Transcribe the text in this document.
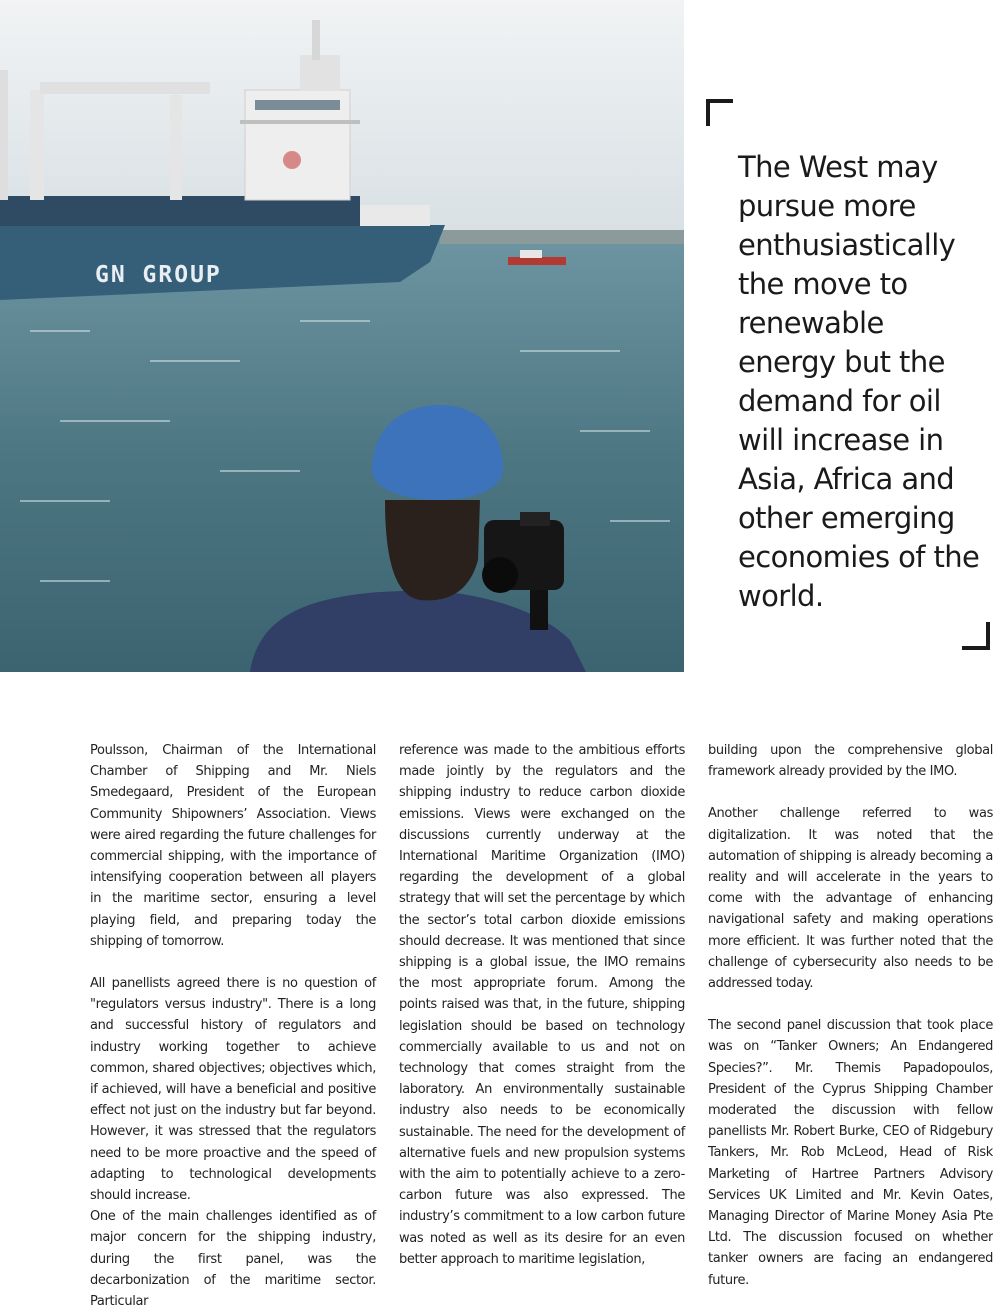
GN GROUP

The West may pursue more enthusiastically the move to renewable energy but the demand for oil will increase in Asia, Africa and other emerging economies of the world.

Poulsson, Chairman of the International Chamber of Shipping and Mr. Niels Smedegaard, President of the European Community Shipowners’ Association. Views were aired regarding the future challenges for commercial shipping, with the importance of intensifying cooperation between all players in the maritime sector, ensuring a level playing field, and preparing today the shipping of tomorrow.

All panellists agreed there is no question of "regulators versus industry". There is a long and successful history of regulators and industry working together to achieve common, shared objectives; objectives which, if achieved, will have a beneficial and positive effect not just on the industry but far beyond. However, it was stressed that the regulators need to be more proactive and the speed of adapting to technological developments should increase.

One of the main challenges identified as of major concern for the shipping industry, during the first panel, was the decarbonization of the maritime sector. Particular

reference was made to the ambitious efforts made jointly by the regulators and the shipping industry to reduce carbon dioxide emissions. Views were exchanged on the discussions currently underway at the International Maritime Organization (IMO) regarding the development of a global strategy that will set the percentage by which the sector’s total carbon dioxide emissions should decrease. It was mentioned that since shipping is a global issue, the IMO remains the most appropriate forum. Among the points raised was that, in the future, shipping legislation should be based on technology commercially available to us and not on technology that comes straight from the laboratory. An environmentally sustainable industry also needs to be economically sustainable. The need for the development of alternative fuels and new propulsion systems with the aim to potentially achieve to a zero-carbon future was also expressed. The industry’s commitment to a low carbon future was noted as well as its desire for an even better approach to maritime legislation,

building upon the comprehensive global framework already provided by the IMO.

Another challenge referred to was digitalization. It was noted that the automation of shipping is already becoming a reality and will accelerate in the years to come with the advantage of enhancing navigational safety and making operations more efficient. It was further noted that the challenge of cybersecurity also needs to be addressed today.

The second panel discussion that took place was on “Tanker Owners; An Endangered Species?”. Mr. Themis Papadopoulos, President of the Cyprus Shipping Chamber moderated the discussion with fellow panellists Mr. Robert Burke, CEO of Ridgebury Tankers, Mr. Rob McLeod, Head of Risk Marketing of Hartree Partners Advisory Services UK Limited and Mr. Kevin Oates, Managing Director of Marine Money Asia Pte Ltd. The discussion focused on whether tanker owners are facing an endangered future.
